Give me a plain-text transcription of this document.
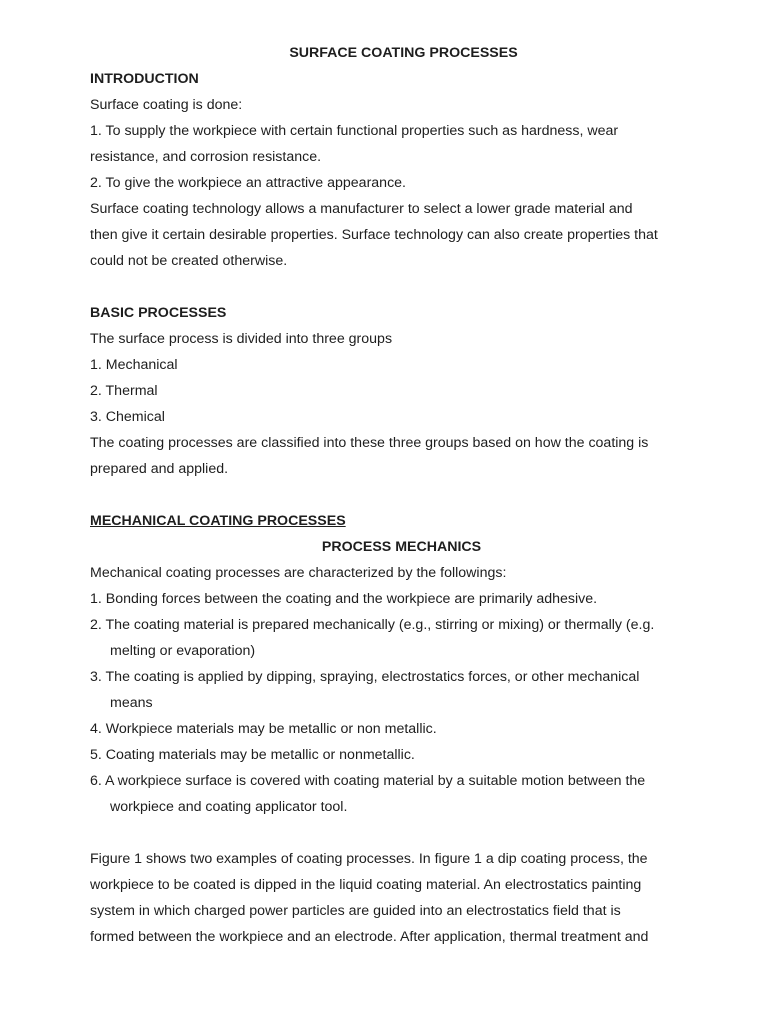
SURFACE COATING PROCESSES
INTRODUCTION
Surface coating is done:
1. To supply the workpiece with certain functional properties such as hardness, wear
resistance, and corrosion resistance.
2. To give the workpiece an attractive appearance.
Surface coating technology allows a manufacturer to select a lower grade material and
then give it certain desirable properties. Surface technology can also create properties that
could not be created otherwise.
BASIC PROCESSES
The surface process is divided into three groups
1. Mechanical
2. Thermal
3. Chemical
The coating processes are classified into these three groups based on how the coating is
prepared and applied.
MECHANICAL COATING PROCESSES
PROCESS MECHANICS
Mechanical coating processes are characterized by the followings:
1. Bonding forces between the coating and the workpiece are primarily adhesive.
2. The coating material is prepared mechanically (e.g., stirring or mixing) or thermally (e.g.
melting or evaporation)
3. The coating is applied by dipping, spraying, electrostatics forces, or other mechanical
means
4. Workpiece materials may be metallic or non metallic.
5. Coating materials may be metallic or nonmetallic.
6. A workpiece surface is covered with coating material by a suitable motion between the
workpiece and coating applicator tool.
Figure 1 shows two examples of coating processes. In figure 1 a dip coating process, the
workpiece to be coated is dipped in the liquid coating material. An electrostatics painting
system in which charged power particles are guided into an electrostatics field that is
formed between the workpiece and an electrode. After application, thermal treatment and
